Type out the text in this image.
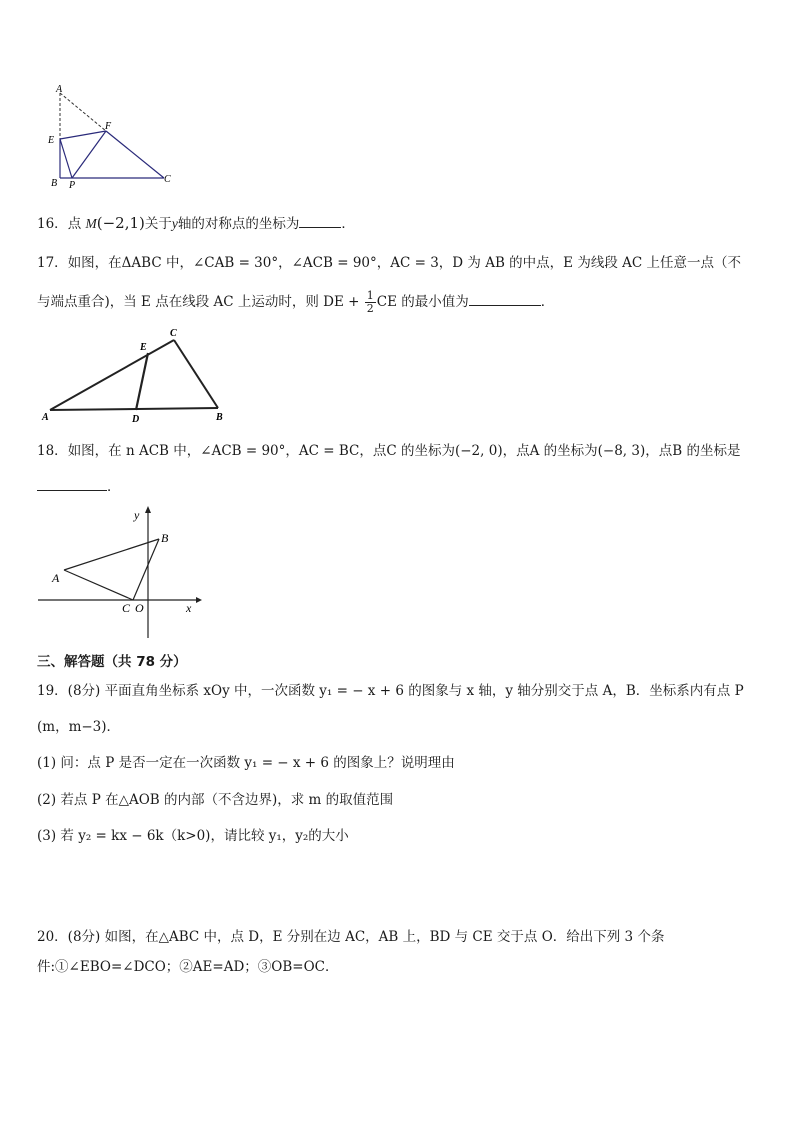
A
E
F
B P
C
16．点 M(−2,1)关于y轴的对称点的坐标为	．
17．如图，在ΔABC 中，∠CAB = 30°，∠ACB = 90°，AC = 3，D 为 AB 的中点，E 为线段 AC 上任意一点（不
与端点重合)，当 E 点在线段 AC 上运动时，则 DE + $\frac{1}{2}$ CE 的最小值为	．
A	B
C
D
E
18．如图，在 n ACB 中，∠ACB = 90°，AC = BC，点C 的坐标为(−2, 0)，点A 的坐标为(−8, 3)，点B 的坐标是
．
y
x
A
B
C O
三、解答题（共 78 分）
19．(8分) 平面直角坐标系 xOy 中，一次函数 y₁ = − x + 6 的图象与 x 轴，y 轴分别交于点 A，B．坐标系内有点 P
(m，m−3)．
(1) 问：点 P 是否一定在一次函数 y₁ = − x + 6 的图象上？说明理由
(2) 若点 P 在△AOB 的内部（不含边界)，求 m 的取值范围
(3) 若 y₂ = kx − 6k（k>0)，请比较 y₁，y₂的大小
20．(8分) 如图，在△ABC 中，点 D，E 分别在边 AC，AB 上，BD 与 CE 交于点 O．给出下列 3 个条
件:①∠EBO=∠DCO；②AE=AD；③OB=OC．
